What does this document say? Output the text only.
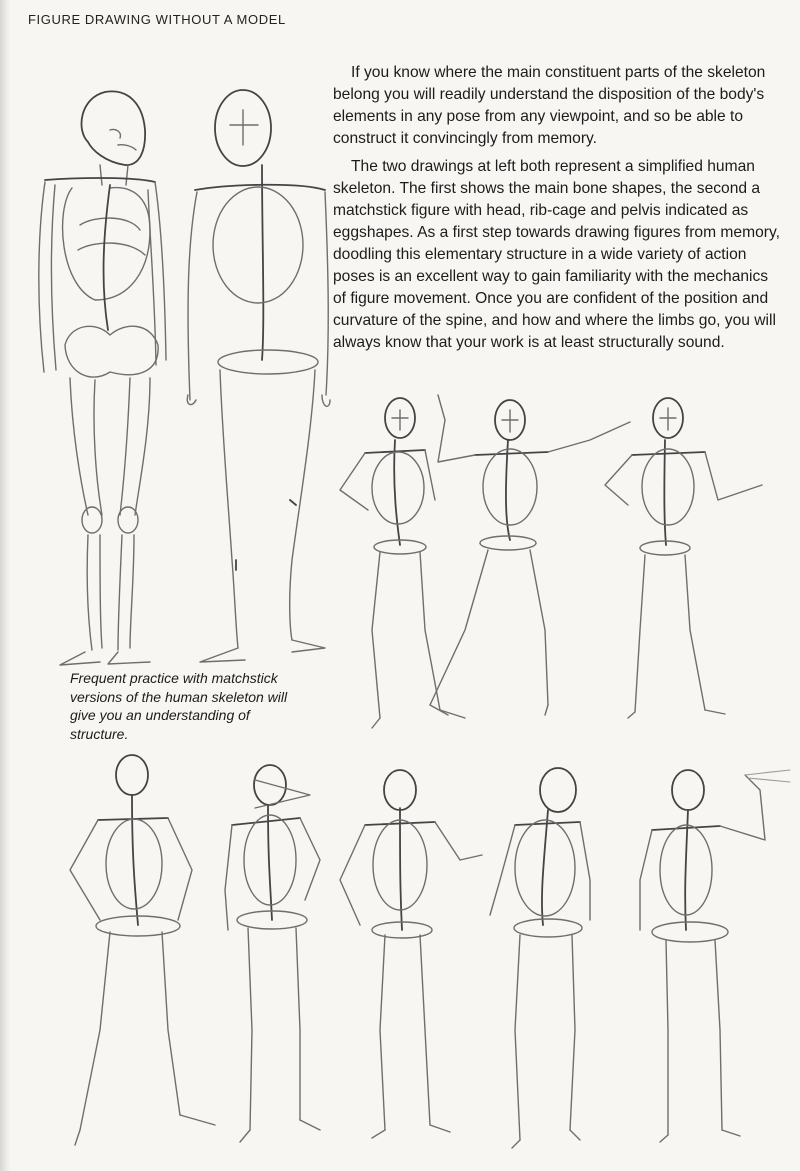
FIGURE DRAWING WITHOUT A MODEL

If you know where the main constituent parts of the skeleton
belong you will readily understand the disposition of the body's
elements in any pose from any viewpoint, and so be able to
construct it convincingly from memory.

The two drawings at left both represent a simplified human
skeleton. The first shows the main bone shapes, the second a
matchstick figure with head, rib-cage and pelvis indicated as
eggshapes. As a first step towards drawing figures from memory,
doodling this elementary structure in a wide variety of action
poses is an excellent way to gain familiarity with the mechanics
of figure movement. Once you are confident of the position and
curvature of the spine, and how and where the limbs go, you will
always know that your work is at least structurally sound.

Frequent practice with matchstick
versions of the human skeleton will
give you an understanding of
structure.
